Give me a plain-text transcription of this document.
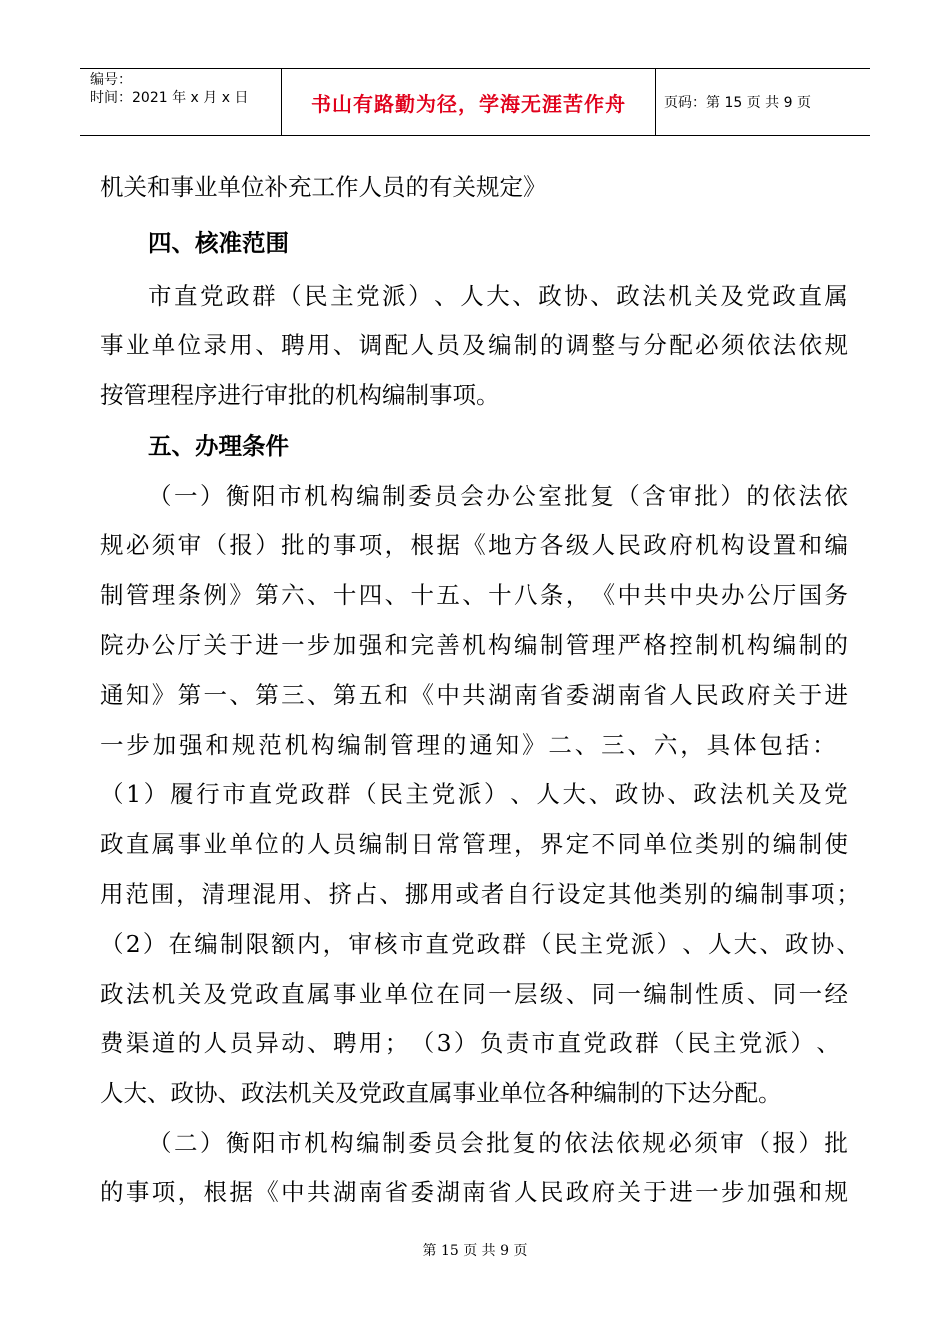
编号：
时间：2021 年 x 月 x 日	书山有路勤为径，学海无涯苦作舟	页码：第 15 页 共 9 页
机关和事业单位补充工作人员的有关规定》
四、核准范围
市 直 党 政 群 （ 民 主 党 派 ） 、 人 大 、 政 协 、 政 法 机 关 及 党 政 直 属
事 业 单 位 录 用 、 聘 用 、 调 配 人 员 及 编 制 的 调 整 与 分 配 必 须 依 法 依 规
按管理程序进行审批的机构编制事项。
五、办理条件
（ 一 ） 衡 阳 市 机 构 编 制 委 员 会 办 公 室 批 复 （ 含 审 批 ） 的 依 法 依
规 必 须 审 （ 报 ） 批 的 事 项 ， 根 据 《 地 方 各 级 人 民 政 府 机 构 设 置 和 编
制 管 理 条 例 》 第 六 、 十 四 、 十 五 、 十 八 条 ， 《 中 共 中 央 办 公 厅 国 务
院 办 公 厅 关 于 进 一 步 加 强 和 完 善 机 构 编 制 管 理 严 格 控 制 机 构 编 制 的
通 知 》 第 一 、 第 三 、 第 五 和 《 中 共 湖 南 省 委 湖 南 省 人 民 政 府 关 于 进
一 步 加 强 和 规 范 机 构 编 制 管 理 的 通 知 》 二 、 三 、 六 ， 具 体 包 括 ：
（ 1 ） 履 行 市 直 党 政 群 （ 民 主 党 派 ） 、 人 大 、 政 协 、 政 法 机 关 及 党
政 直 属 事 业 单 位 的 人 员 编 制 日 常 管 理 ， 界 定 不 同 单 位 类 别 的 编 制 使
用 范 围 ， 清 理 混 用 、 挤 占 、 挪 用 或 者 自 行 设 定 其 他 类 别 的 编 制 事 项 ；
（ 2 ） 在 编 制 限 额 内 ， 审 核 市 直 党 政 群 （ 民 主 党 派 ） 、 人 大 、 政 协 、
政 法 机 关 及 党 政 直 属 事 业 单 位 在 同 一 层 级 、 同 一 编 制 性 质 、 同 一 经
费 渠 道 的 人 员 异 动 、 聘 用 ； （ 3 ） 负 责 市 直 党 政 群 （ 民 主 党 派 ） 、
人大、政协、政法机关及党政直属事业单位各种编制的下达分配。
（ 二 ） 衡 阳 市 机 构 编 制 委 员 会 批 复 的 依 法 依 规 必 须 审 （ 报 ） 批
的 事 项 ， 根 据 《 中 共 湖 南 省 委 湖 南 省 人 民 政 府 关 于 进 一 步 加 强 和 规
第 15 页 共 9 页
